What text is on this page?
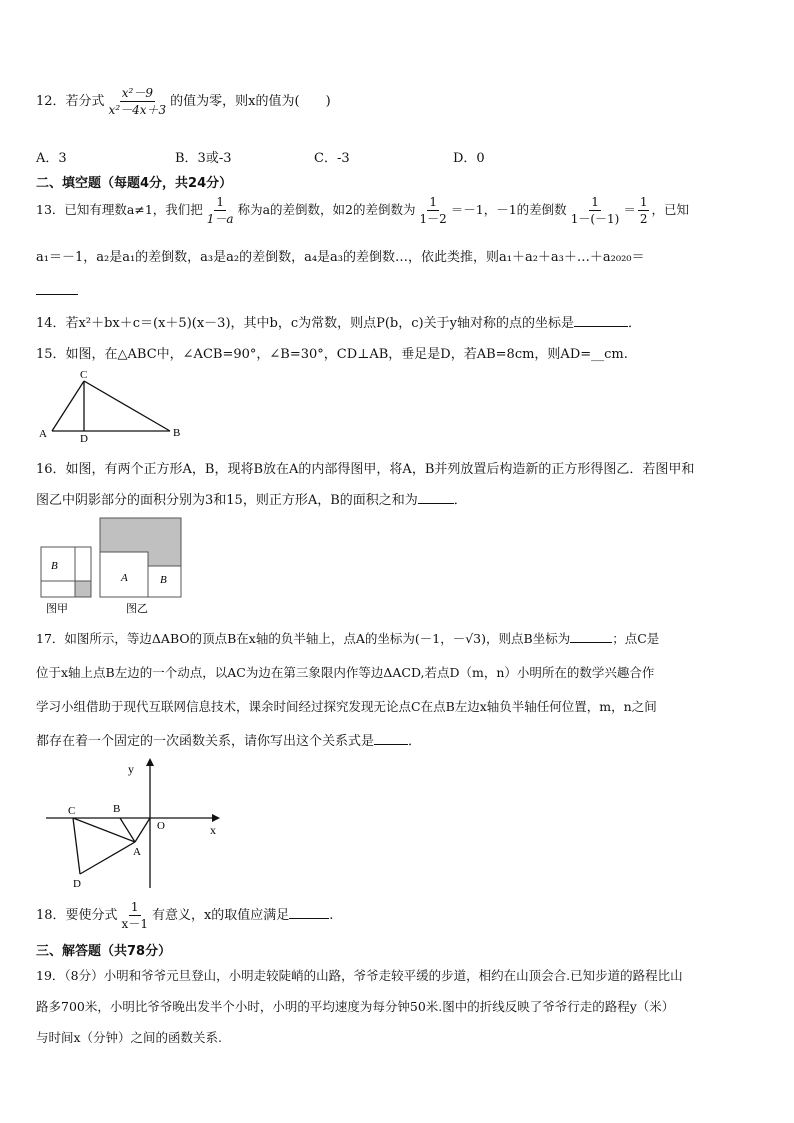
12．若分式 $\frac{\text{x²－9}}{\text{x²－4x＋3}}$ 的值为零，则x的值为(　　)
A．3	B．3或-3	C．-3	D．0
二、填空题（每题4分，共24分）
13．已知有理数a≠1，我们把 $\frac{1}{1-a}$ 称为a的差倒数，如2的差倒数为 $\frac{1}{1-2} =-1$，－1的差倒数 $\frac{1}{1-(-1)} = \frac{1}{2}$ ，已知
a₁＝－1，a₂是a₁的差倒数，a₃是a₂的差倒数，a₄是a₃的差倒数…，依此类推，则a₁＋a₂＋a₃＋…＋a₂₀₂₀＝
14．若x²＋bx＋c＝(x＋5)(x－3)，其中b，c为常数，则点P(b，c)关于y轴对称的点的坐标是	．
15．如图，在△ABC中，∠ACB=90°，∠B=30°，CD⊥AB，垂足是D，若AB=8cm，则AD=__cm.
C
A	D	B
16．如图，有两个正方形A，B，现将B放在A的内部得图甲，将A，B并列放置后构造新的正方形得图乙．若图甲和
图乙中阴影部分的面积分别为3和15，则正方形A，B的面积之和为	．
B
图甲
A	B
图乙
17．如图所示，等边ΔABO的顶点B在x轴的负半轴上，点A的坐标为(－1，－√3)，则点B坐标为	；点C是
位于x轴上点B左边的一个动点，以AC为边在第三象限内作等边ΔACD,若点D（m，n）小明所在的数学兴趣合作
学习小组借助于现代互联网信息技术，课余时间经过探究发现无论点C在点B左边x轴负半轴任何位置，m，n之间
都存在着一个固定的一次函数关系，请你写出这个关系式是	．
y
x
O
C	B
A
D
18．要使分式 $\frac{1}{x-1}$ 有意义，x的取值应满足	.
三、解答题（共78分）
19．（8分）小明和爷爷元旦登山，小明走较陡峭的山路，爷爷走较平缓的步道，相约在山顶会合.已知步道的路程比山
路多700米，小明比爷爷晚出发半个小时，小明的平均速度为每分钟50米.图中的折线反映了爷爷行走的路程y（米）
与时间x（分钟）之间的函数关系.
